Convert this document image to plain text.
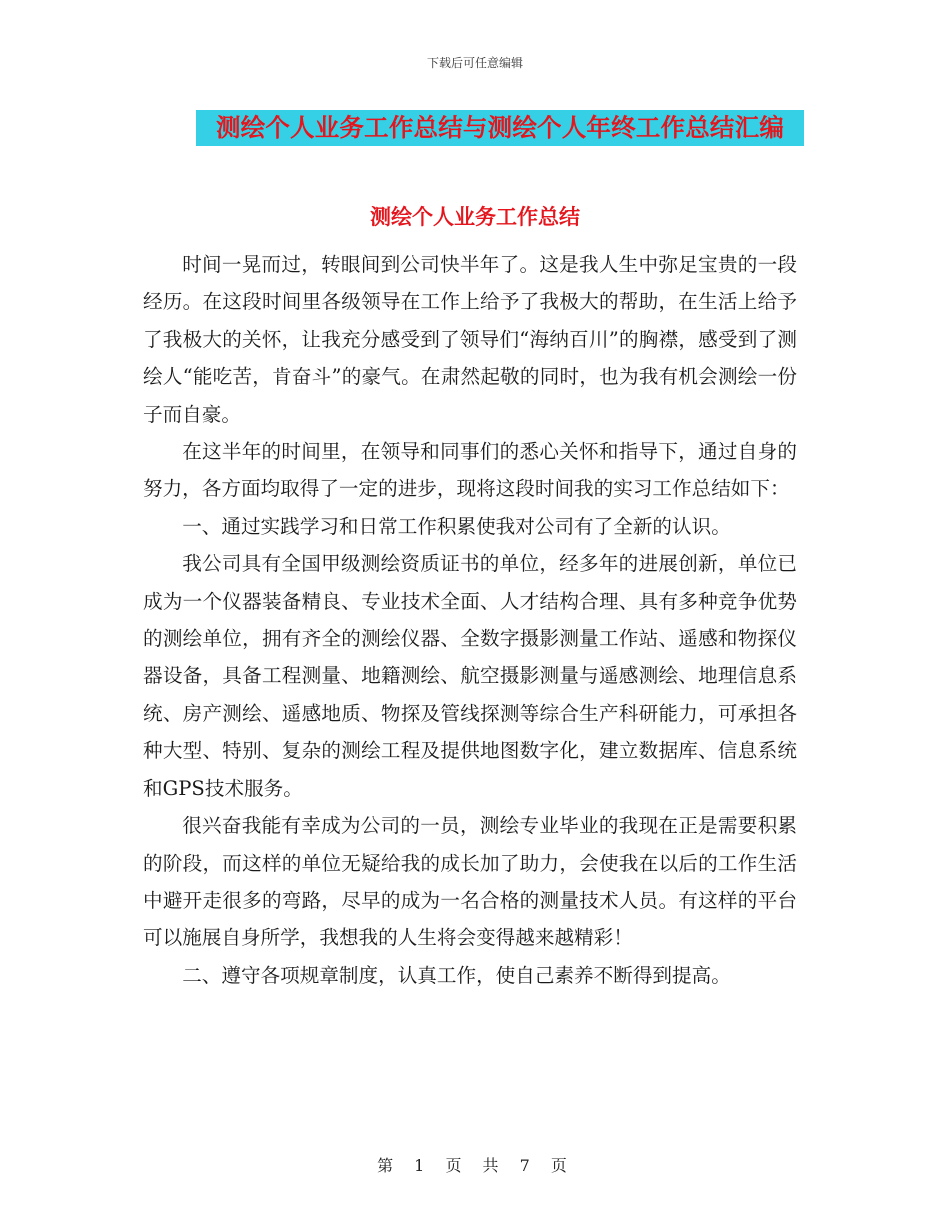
下载后可任意编辑
测绘个人业务工作总结与测绘个人年终工作总结汇编
测绘个人业务工作总结

时间一晃而过，转眼间到公司快半年了。这是我人生中弥足宝贵的一段经历。在这段时间里各级领导在工作上给予了我极大的帮助，在生活上给予了我极大的关怀，让我充分感受到了领导们“海纳百川”的胸襟，感受到了测绘人“能吃苦，肯奋斗”的豪气。在肃然起敬的同时，也为我有机会测绘一份子而自豪。

在这半年的时间里，在领导和同事们的悉心关怀和指导下，通过自身的努力，各方面均取得了一定的进步，现将这段时间我的实习工作总结如下：

一、通过实践学习和日常工作积累使我对公司有了全新的认识。

我公司具有全国甲级测绘资质证书的单位，经多年的进展创新，单位已成为一个仪器装备精良、专业技术全面、人才结构合理、具有多种竞争优势的测绘单位，拥有齐全的测绘仪器、全数字摄影测量工作站、遥感和物探仪器设备，具备工程测量、地籍测绘、航空摄影测量与遥感测绘、地理信息系统、房产测绘、遥感地质、物探及管线探测等综合生产科研能力，可承担各种大型、特别、复杂的测绘工程及提供地图数字化，建立数据库、信息系统和GPS技术服务。

很兴奋我能有幸成为公司的一员，测绘专业毕业的我现在正是需要积累的阶段，而这样的单位无疑给我的成长加了助力，会使我在以后的工作生活中避开走很多的弯路，尽早的成为一名合格的测量技术人员。有这样的平台可以施展自身所学，我想我的人生将会变得越来越精彩！

二、遵守各项规章制度，认真工作，使自己素养不断得到提高。

第 1 页 共 7 页
